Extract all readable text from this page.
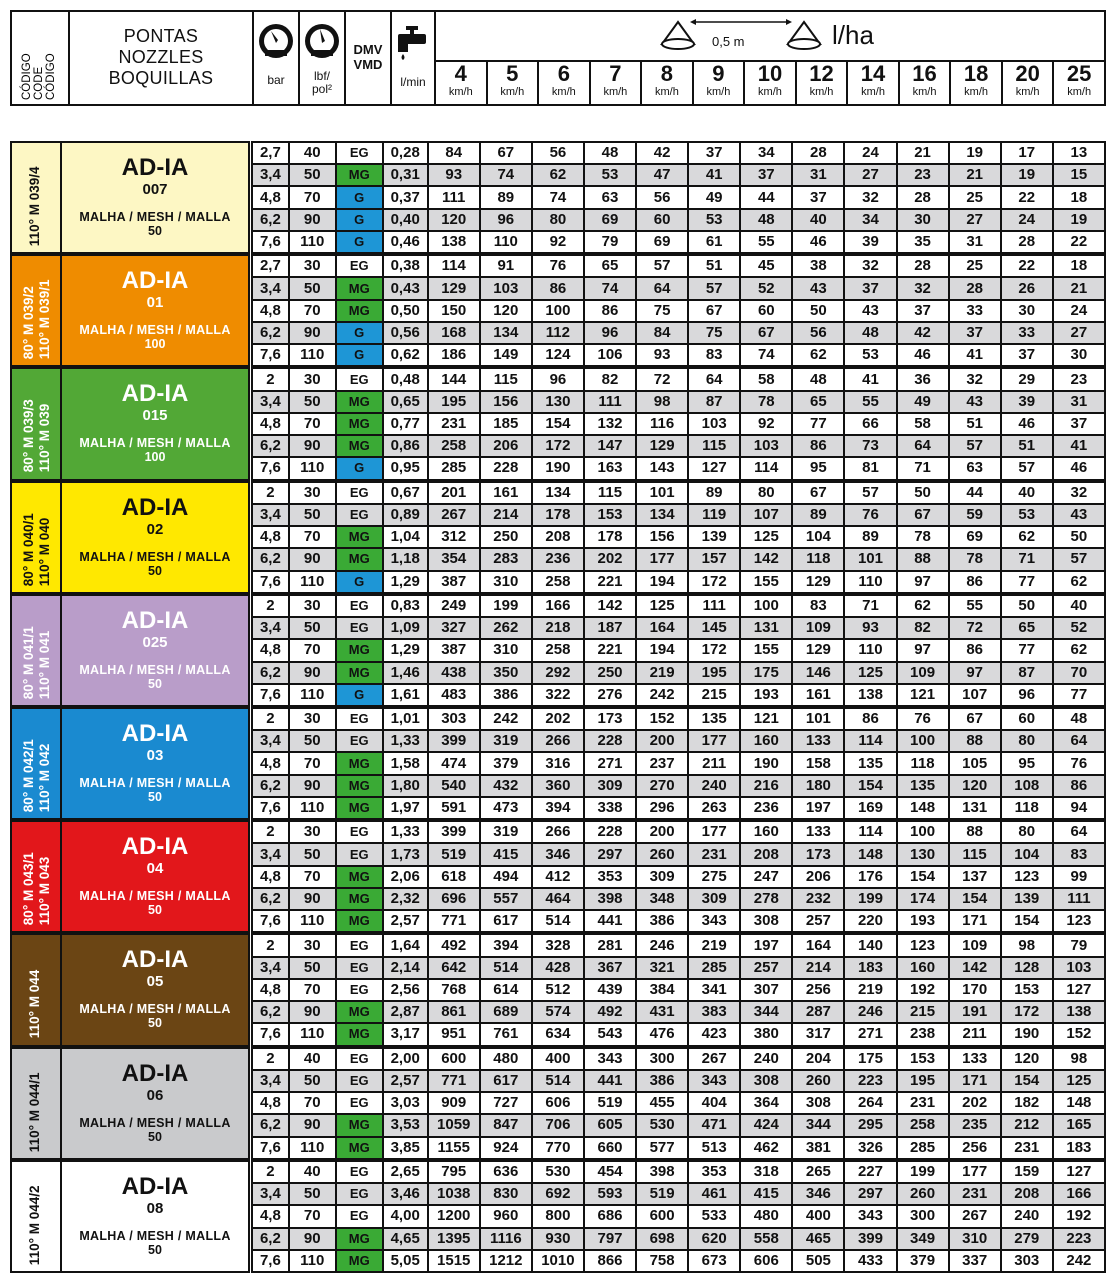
CÓDIGO CODE CÓDIGO
PONTAS
NOZZLES
BOQUILLAS	bar	lbf/
pol²
DMV
VMD
l/min
0,5 m	l/ha
4
km/h
5
km/h
6
km/h
7
km/h
8
km/h
9
km/h
10
km/h
12
km/h
14
km/h
16
km/h
18
km/h
20
km/h
25
km/h
110° M 039/4	AD-IA
007
MALHA / MESH / MALLA
50
2,7	40	EG	0,28	84	67	56	48	42	37	34	28	24	21	19	17	13
3,4	50	MG	0,31	93	74	62	53	47	41	37	31	27	23	21	19	15
4,8	70	G	0,37	111	89	74	63	56	49	44	37	32	28	25	22	18
6,2	90	G	0,40	120	96	80	69	60	53	48	40	34	30	27	24	19
7,6	110	G	0,46	138	110	92	79	69	61	55	46	39	35	31	28	22
80° M 039/2 110° M 039/1	AD-IA
01
MALHA / MESH / MALLA
100
2,7	30	EG	0,38	114	91	76	65	57	51	45	38	32	28	25	22	18
3,4	50	MG	0,43	129	103	86	74	64	57	52	43	37	32	28	26	21
4,8	70	MG	0,50	150	120	100	86	75	67	60	50	43	37	33	30	24
6,2	90	G	0,56	168	134	112	96	84	75	67	56	48	42	37	33	27
7,6	110	G	0,62	186	149	124	106	93	83	74	62	53	46	41	37	30
80° M 039/3 110° M 039
AD-IA
015
MALHA / MESH / MALLA
100
2	30	EG	0,48	144	115	96	82	72	64	58	48	41	36	32	29	23
3,4	50	MG	0,65	195	156	130	111	98	87	78	65	55	49	43	39	31
4,8	70	MG	0,77	231	185	154	132	116	103	92	77	66	58	51	46	37
6,2	90	MG	0,86	258	206	172	147	129	115	103	86	73	64	57	51	41
7,6	110	G	0,95	285	228	190	163	143	127	114	95	81	71	63	57	46
80° M 040/1 110° M 040
AD-IA
02
MALHA / MESH / MALLA
50
2	30	EG	0,67	201	161	134	115	101	89	80	67	57	50	44	40	32
3,4	50	EG	0,89	267	214	178	153	134	119	107	89	76	67	59	53	43
4,8	70	MG	1,04	312	250	208	178	156	139	125	104	89	78	69	62	50
6,2	90	MG	1,18	354	283	236	202	177	157	142	118	101	88	78	71	57
7,6	110	G	1,29	387	310	258	221	194	172	155	129	110	97	86	77	62
80° M 041/1 110° M 041
AD-IA
025
MALHA / MESH / MALLA
50
2	30	EG	0,83	249	199	166	142	125	111	100	83	71	62	55	50	40
3,4	50	EG	1,09	327	262	218	187	164	145	131	109	93	82	72	65	52
4,8	70	MG	1,29	387	310	258	221	194	172	155	129	110	97	86	77	62
6,2	90	MG	1,46	438	350	292	250	219	195	175	146	125	109	97	87	70
7,6	110	G	1,61	483	386	322	276	242	215	193	161	138	121	107	96	77
80° M 042/1 110° M 042
AD-IA
03
MALHA / MESH / MALLA
50
2	30	EG	1,01	303	242	202	173	152	135	121	101	86	76	67	60	48
3,4	50	EG	1,33	399	319	266	228	200	177	160	133	114	100	88	80	64
4,8	70	MG	1,58	474	379	316	271	237	211	190	158	135	118	105	95	76
6,2	90	MG	1,80	540	432	360	309	270	240	216	180	154	135	120	108	86
7,6	110	MG	1,97	591	473	394	338	296	263	236	197	169	148	131	118	94
80° M 043/1 110° M 043
AD-IA
04
MALHA / MESH / MALLA
50
2	30	EG	1,33	399	319	266	228	200	177	160	133	114	100	88	80	64
3,4	50	EG	1,73	519	415	346	297	260	231	208	173	148	130	115	104	83
4,8	70	MG	2,06	618	494	412	353	309	275	247	206	176	154	137	123	99
6,2	90	MG	2,32	696	557	464	398	348	309	278	232	199	174	154	139	111
7,6	110	MG	2,57	771	617	514	441	386	343	308	257	220	193	171	154	123
110° M 044
AD-IA
05
MALHA / MESH / MALLA
50
2	30	EG	1,64	492	394	328	281	246	219	197	164	140	123	109	98	79
3,4	50	EG	2,14	642	514	428	367	321	285	257	214	183	160	142	128	103
4,8	70	EG	2,56	768	614	512	439	384	341	307	256	219	192	170	153	127
6,2	90	MG	2,87	861	689	574	492	431	383	344	287	246	215	191	172	138
7,6	110	MG	3,17	951	761	634	543	476	423	380	317	271	238	211	190	152
110° M 044/1	AD-IA
06
MALHA / MESH / MALLA
50
2	40	EG	2,00	600	480	400	343	300	267	240	204	175	153	133	120	98
3,4	50	EG	2,57	771	617	514	441	386	343	308	260	223	195	171	154	125
4,8	70	EG	3,03	909	727	606	519	455	404	364	308	264	231	202	182	148
6,2	90	MG	3,53	1059	847	706	605	530	471	424	344	295	258	235	212	165
7,6	110	MG	3,85	1155	924	770	660	577	513	462	381	326	285	256	231	183
110° M 044/2	AD-IA
08
MALHA / MESH / MALLA
50
2	40	EG	2,65	795	636	530	454	398	353	318	265	227	199	177	159	127
3,4	50	EG	3,46	1038	830	692	593	519	461	415	346	297	260	231	208	166
4,8	70	EG	4,00	1200	960	800	686	600	533	480	400	343	300	267	240	192
6,2	90	MG	4,65	1395	1116	930	797	698	620	558	465	399	349	310	279	223
7,6	110	MG	5,05	1515	1212	1010	866	758	673	606	505	433	379	337	303	242
